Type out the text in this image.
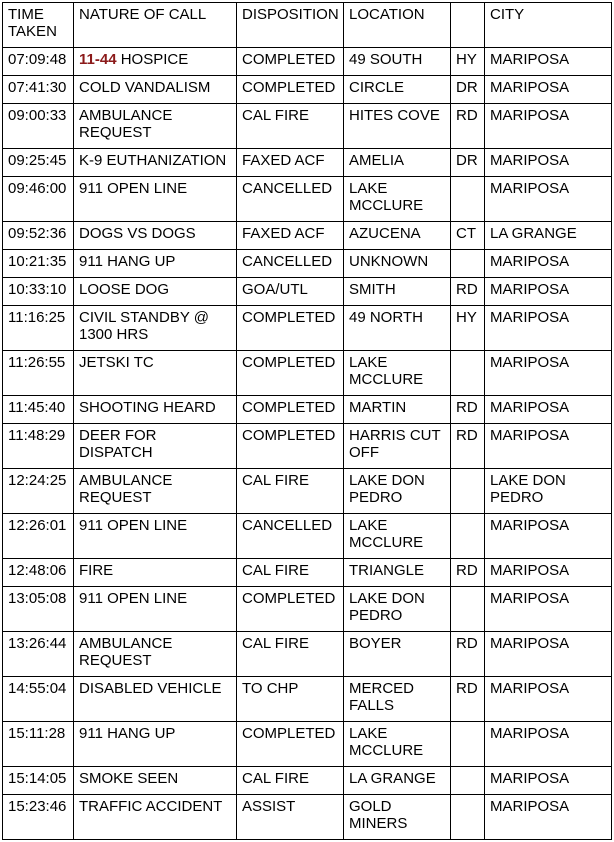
TIME TAKEN	NATURE OF CALL	DISPOSITION	LOCATION		CITY
07:09:48	11-44 HOSPICE	COMPLETED	49 SOUTH	HY	MARIPOSA
07:41:30	COLD VANDALISM	COMPLETED	CIRCLE	DR	MARIPOSA
09:00:33	AMBULANCE REQUEST	CAL FIRE	HITES COVE	RD	MARIPOSA
09:25:45	K-9 EUTHANIZATION	FAXED ACF	AMELIA	DR	MARIPOSA
09:46:00	911 OPEN LINE	CANCELLED	LAKE MCCLURE		MARIPOSA
09:52:36	DOGS VS DOGS	FAXED ACF	AZUCENA	CT	LA GRANGE
10:21:35	911 HANG UP	CANCELLED	UNKNOWN		MARIPOSA
10:33:10	LOOSE DOG	GOA/UTL	SMITH	RD	MARIPOSA
11:16:25	CIVIL STANDBY @ 1300 HRS	COMPLETED	49 NORTH	HY	MARIPOSA
11:26:55	JETSKI TC	COMPLETED	LAKE MCCLURE		MARIPOSA
11:45:40	SHOOTING HEARD	COMPLETED	MARTIN	RD	MARIPOSA
11:48:29	DEER FOR DISPATCH	COMPLETED	HARRIS CUT OFF	RD	MARIPOSA
12:24:25	AMBULANCE REQUEST	CAL FIRE	LAKE DON PEDRO		LAKE DON PEDRO
12:26:01	911 OPEN LINE	CANCELLED	LAKE MCCLURE		MARIPOSA
12:48:06	FIRE	CAL FIRE	TRIANGLE	RD	MARIPOSA
13:05:08	911 OPEN LINE	COMPLETED	LAKE DON PEDRO		MARIPOSA
13:26:44	AMBULANCE REQUEST	CAL FIRE	BOYER	RD	MARIPOSA
14:55:04	DISABLED VEHICLE	TO CHP	MERCED FALLS	RD	MARIPOSA
15:11:28	911 HANG UP	COMPLETED	LAKE MCCLURE		MARIPOSA
15:14:05	SMOKE SEEN	CAL FIRE	LA GRANGE		MARIPOSA
15:23:46	TRAFFIC ACCIDENT	ASSIST	GOLD MINERS		MARIPOSA
